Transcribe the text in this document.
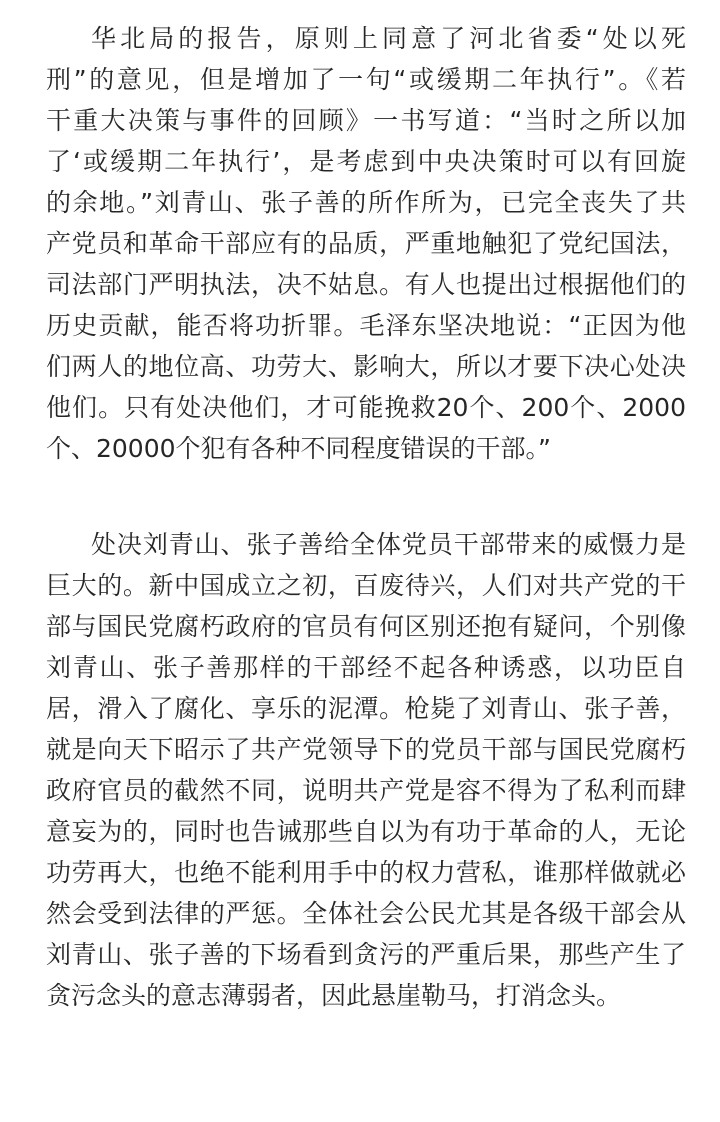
华北局的报告，原则上同意了河北省委“处以死
刑”的意见，但是增加了一句“或缓期二年执行”。《若
干重大决策与事件的回顾》一书写道：“当时之所以加
了‘或缓期二年执行’，是考虑到中央决策时可以有回旋
的余地。”刘青山、张子善的所作所为，已完全丧失了共
产党员和革命干部应有的品质，严重地触犯了党纪国法，
司法部门严明执法，决不姑息。有人也提出过根据他们的
历史贡献，能否将功折罪。毛泽东坚决地说：“正因为他
们两人的地位高、功劳大、影响大，所以才要下决心处决
他们。只有处决他们，才可能挽救20个、200个、2000
个、20000个犯有各种不同程度错误的干部。”
处决刘青山、张子善给全体党员干部带来的威慑力是
巨大的。新中国成立之初，百废待兴，人们对共产党的干
部与国民党腐朽政府的官员有何区别还抱有疑问，个别像
刘青山、张子善那样的干部经不起各种诱惑，以功臣自
居，滑入了腐化、享乐的泥潭。枪毙了刘青山、张子善，
就是向天下昭示了共产党领导下的党员干部与国民党腐朽
政府官员的截然不同，说明共产党是容不得为了私利而肆
意妄为的，同时也告诫那些自以为有功于革命的人，无论
功劳再大，也绝不能利用手中的权力营私，谁那样做就必
然会受到法律的严惩。全体社会公民尤其是各级干部会从
刘青山、张子善的下场看到贪污的严重后果，那些产生了
贪污念头的意志薄弱者，因此悬崖勒马，打消念头。
